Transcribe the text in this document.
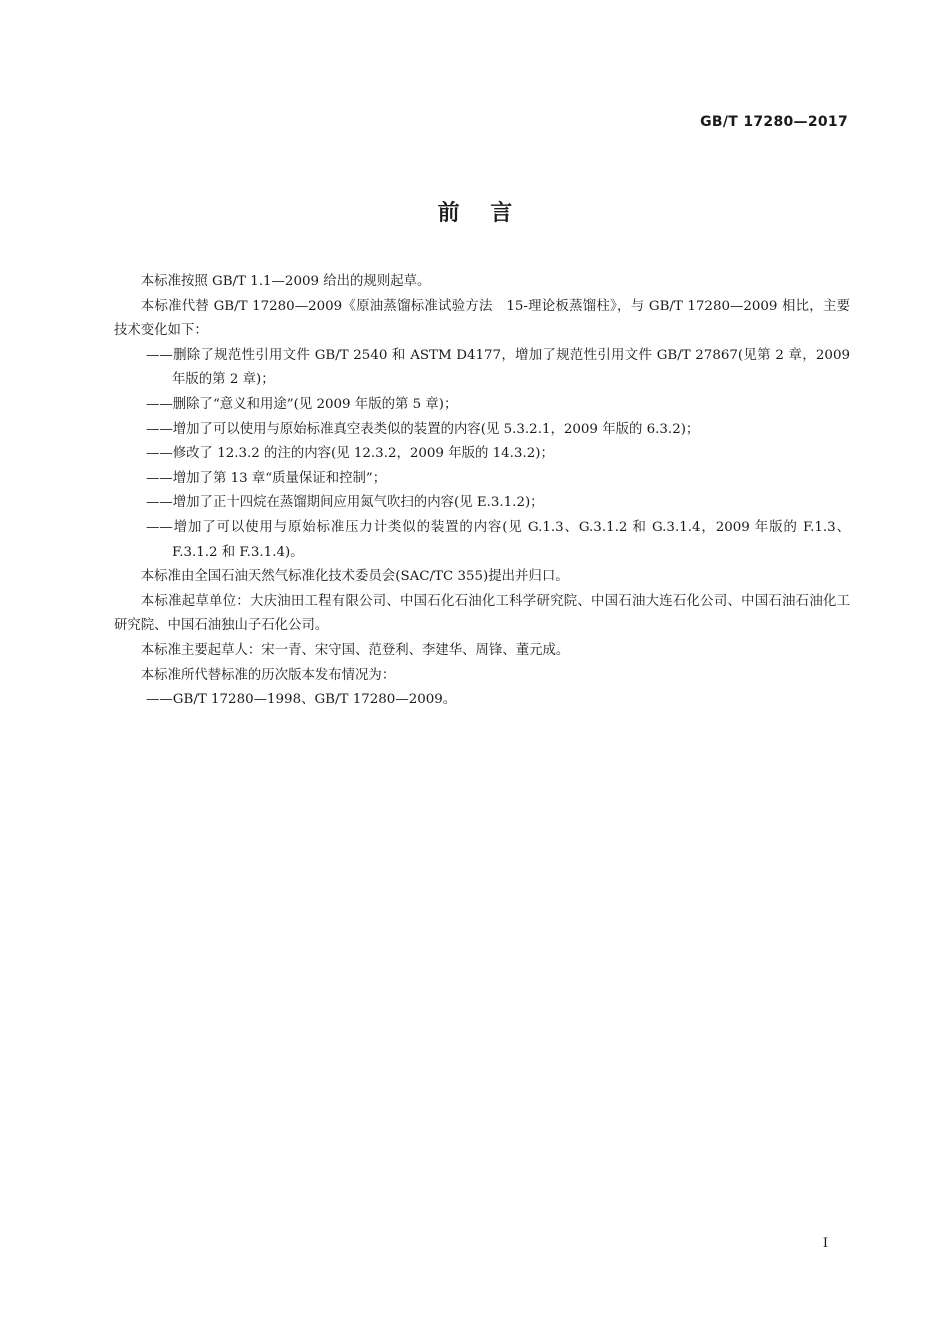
GB/T 17280—2017
前    言

本标准按照 GB/T 1.1—2009 给出的规则起草。

本标准代替 GB/T 17280—2009《原油蒸馏标准试验方法　15-理论板蒸馏柱》，与 GB/T 17280—2009 相比，主要技术变化如下：

——删除了规范性引用文件 GB/T 2540 和 ASTM D4177，增加了规范性引用文件 GB/T 27867(见第 2 章，2009 年版的第 2 章)；

——删除了“意义和用途”(见 2009 年版的第 5 章)；

——增加了可以使用与原始标准真空表类似的装置的内容(见 5.3.2.1，2009 年版的 6.3.2)；

——修改了 12.3.2 的注的内容(见 12.3.2，2009 年版的 14.3.2)；

——增加了第 13 章“质量保证和控制”；

——增加了正十四烷在蒸馏期间应用氮气吹扫的内容(见 E.3.1.2)；

——增加了可以使用与原始标准压力计类似的装置的内容(见 G.1.3、G.3.1.2 和 G.3.1.4，2009 年版的 F.1.3、F.3.1.2 和 F.3.1.4)。

本标准由全国石油天然气标准化技术委员会(SAC/TC 355)提出并归口。

本标准起草单位：大庆油田工程有限公司、中国石化石油化工科学研究院、中国石油大连石化公司、中国石油石油化工研究院、中国石油独山子石化公司。

本标准主要起草人：宋一青、宋守国、范登利、李建华、周锋、董元成。

本标准所代替标准的历次版本发布情况为：

——GB/T 17280—1998、GB/T 17280—2009。

I
